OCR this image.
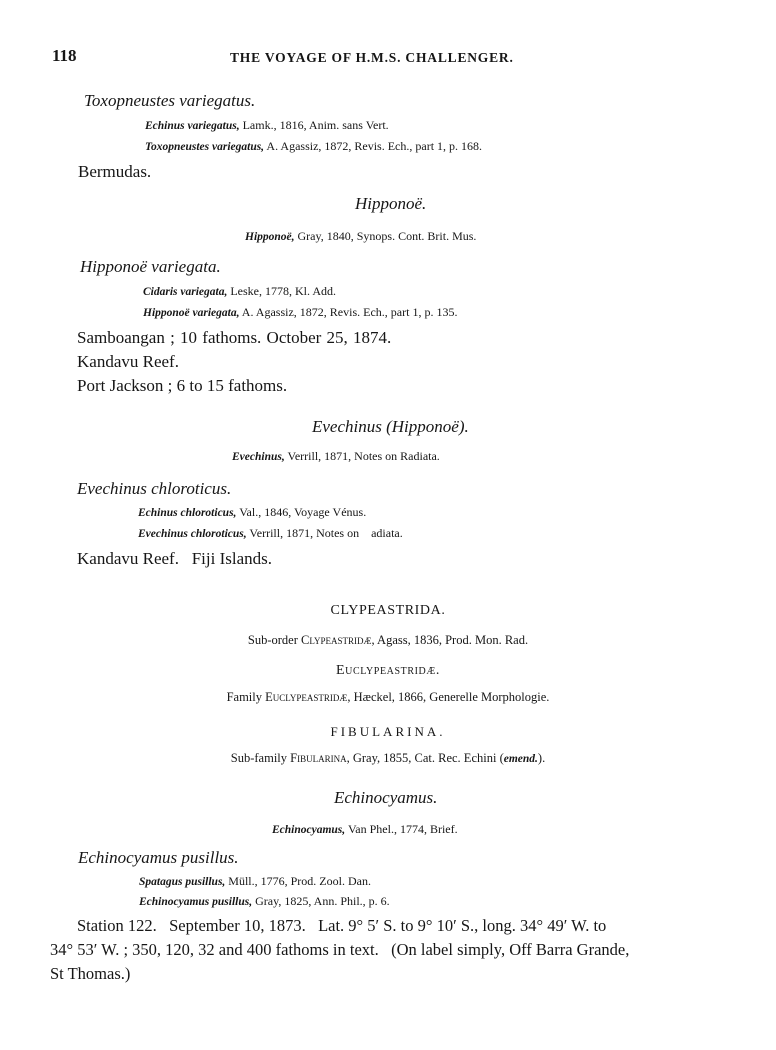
118	THE VOYAGE OF H.M.S. CHALLENGER.
Toxopneustes variegatus.
Echinus variegatus, Lamk., 1816, Anim. sans Vert.
Toxopneustes variegatus, A. Agassiz, 1872, Revis. Ech., part 1, p. 168.
Bermudas.
Hipponoë.
Hipponoë, Gray, 1840, Synops. Cont. Brit. Mus.
Hipponoë variegata.
Cidaris variegata, Leske, 1778, Kl. Add.
Hipponoë variegata, A. Agassiz, 1872, Revis. Ech., part 1, p. 135.
Samboangan ; 10 fathoms. October 25, 1874.
Kandavu Reef.
Port Jackson ; 6 to 15 fathoms.
Evechinus (Hipponoë).
Evechinus, Verrill, 1871, Notes on Radiata.
Evechinus chloroticus.
Echinus chloroticus, Val., 1846, Voyage Vénus.
Evechinus chloroticus, Verrill, 1871, Notes on    adiata.
Kandavu Reef.   Fiji Islands.
CLYPEASTRIDA.
Sub-order Clypeastridæ, Agass, 1836, Prod. Mon. Rad.
Euclypeastridæ.
Family Euclypeastridæ, Hæckel, 1866, Generelle Morphologie.
FIBULARINA.
Sub-family Fibularina, Gray, 1855, Cat. Rec. Echini (emend.).
Echinocyamus.
Echinocyamus, Van Phel., 1774, Brief.
Echinocyamus pusillus.
Spatagus pusillus, Müll., 1776, Prod. Zool. Dan.
Echinocyamus pusillus, Gray, 1825, Ann. Phil., p. 6.
Station 122.   September 10, 1873.   Lat. 9° 5′ S. to 9° 10′ S., long. 34° 49′ W. to
34° 53′ W. ; 350, 120, 32 and 400 fathoms in text.   (On label simply, Off Barra Grande,
St Thomas.)
